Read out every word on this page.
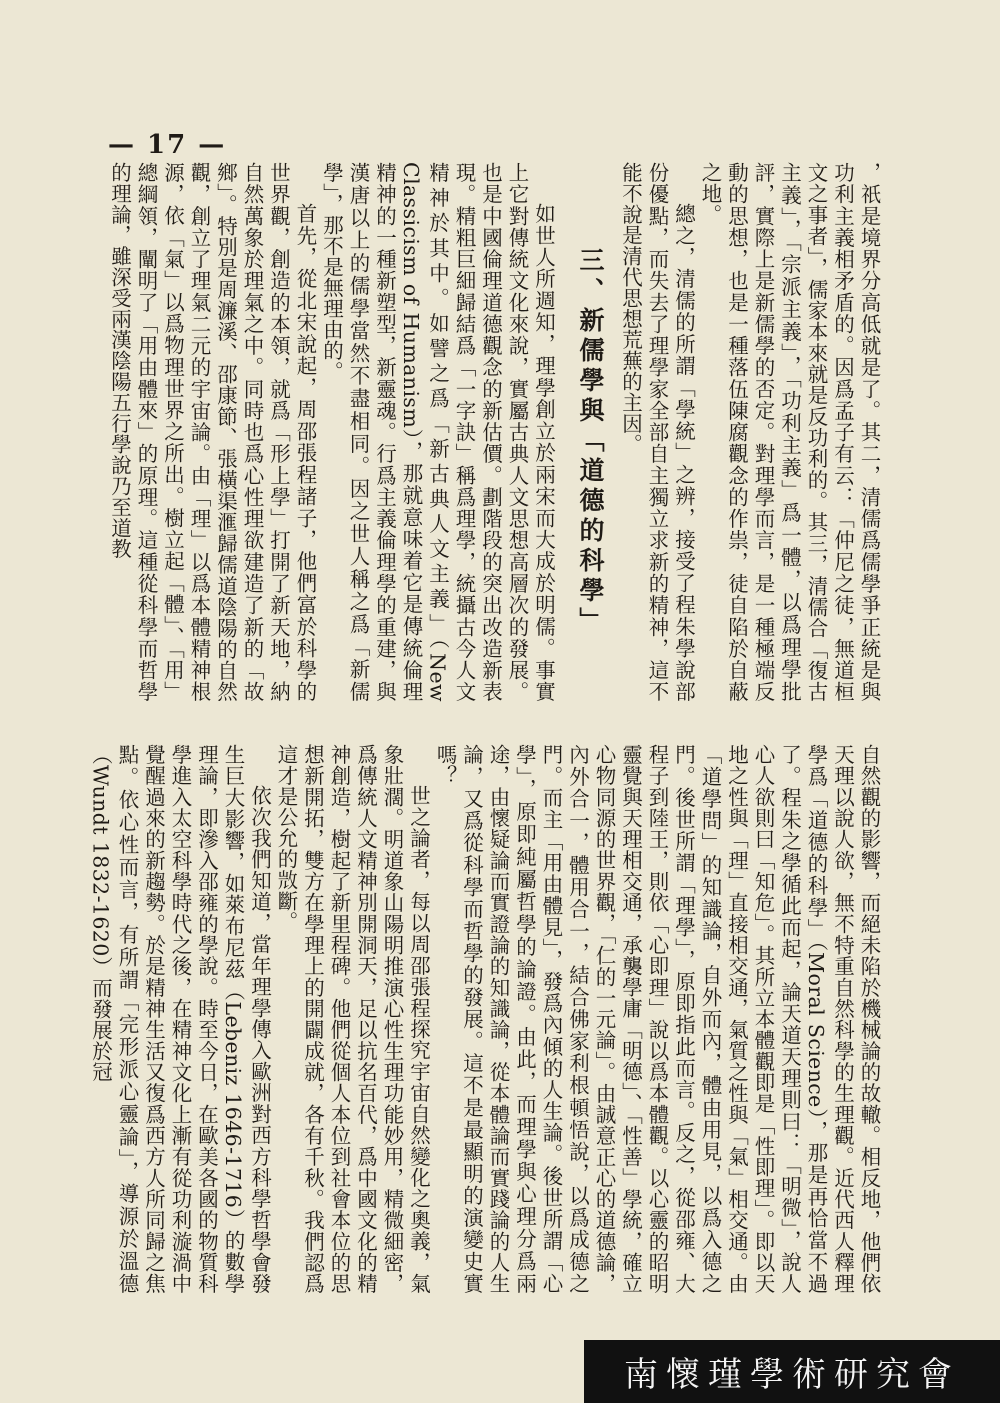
— 17 —

，祇是境界分高低就是了。其二，清儒爲儒學爭正統是與功利主義相矛盾的。因爲孟子有云：「仲尼之徒，無道桓文之事者」，儒家本來就是反功利的。其三，清儒合「復古主義」，「宗派主義」，「功利主義」爲一體，以爲理學批評，實際上是新儒學的否定。對理學而言，是一種極端反動的思想，也是一種落伍陳腐觀念的作祟，徒自陷於自蔽之地。

總之，清儒的所謂「學統」之辨，接受了程朱學說部份優點，而失去了理學家全部自主獨立求新的精神，這不能不說是清代思想荒蕪的主因。

三、新儒學與「道德的科學」

如世人所週知，理學創立於兩宋而大成於明儒。事實上它對傳統文化來說，實屬古典人文思想高層次的發展。也是中國倫理道德觀念的新估價。劃階段的突出改造新表現。精粗巨細歸結爲「一字訣」稱爲理學，統攝古今人文精神於其中。如譬之爲「新古典人文主義」（New Classicism of Humanism），那就意味着它是傳統倫理精神的一種新塑型，新靈魂。行爲主義倫理學的重建，與漢唐以上的儒學當然不盡相同。因之世人稱之爲「新儒學」，那不是無理由的。

首先，從北宋說起，周邵張程諸子，他們富於科學的世界觀，創造的本領，就爲「形上學」打開了新天地，納自然萬象於理氣之中。同時也爲心性理欲建造了新的「故鄉」。特別是周濂溪、邵康節、張橫渠滙歸儒道陰陽的自然觀，創立了理氣二元的宇宙論。由「理」以爲本體精神根源，依「氣」以爲物理世界之所出。樹立起「體」、「用」總綱領，闡明了「用由體來」的原理。這種從科學而哲學的理論，雖深受兩漢陰陽五行學說乃至道教

自然觀的影響，而絕未陷於機械論的故轍。相反地，他們依天理以說人欲，無不特重自然科學的生理觀。近代西人釋理學爲「道德的科學」（Moral Science），那是再恰當不過了。程朱之學循此而起，論天道天理則曰：「明微」，說人心人欲則曰「知危」。其所立本體觀即是「性即理」。即以天地之性與「理」直接相交通，氣質之性與「氣」相交通。由「道學問」的知識論，自外而內，體由用見，以爲入德之門。後世所謂「理學」，原即指此而言。反之，從邵雍、大程子到陸王，則依「心即理」說以爲本體觀。以心靈的昭明靈覺與天理相交通，承襲學庸「明德」、「性善」學統，確立心物同源的世界觀，「仁的一元論」。由誠意正心的道德論，內外合一，體用合一，結合佛家利根頓悟說，以爲成德之門。而主「用由體見」，發爲內傾的人生論。後世所謂「心學」，原即純屬哲學的論證。由此，而理學與心理分爲兩途，由懷疑論而實證論的知識論，從本體論而實踐論的人生論，又爲從科學而哲學的發展。這不是最顯明的演變史實嗎？

世之論者，每以周邵張程探究宇宙自然變化之奧義，氣象壯濶。明道象山陽明推演心性生理功能妙用，精微細密，爲傳統人文精神別開洞天，足以抗名百代，爲中國文化的精神創造，樹起了新里程碑。他們從個人本位到社會本位的思想新開拓，雙方在學理上的開闢成就，各有千秋。我們認爲這才是公允的𣁋斷。

依次我們知道，當年理學傳入歐洲對西方科學哲學會發生巨大影響，如萊布尼茲（Lebeniz 1646-1716）的數學理論，即滲入邵雍的學說。時至今日，在歐美各國的物質科學進入太空科學時代之後，在精神文化上漸有從功利漩渦中覺醒過來的新趨勢。於是精神生活又復爲西方人所同歸之焦點。依心性而言，有所謂「完形派心靈論」，導源於溫德（Wundt 1832-1620）而發展於冠

南懷瑾學術研究會
